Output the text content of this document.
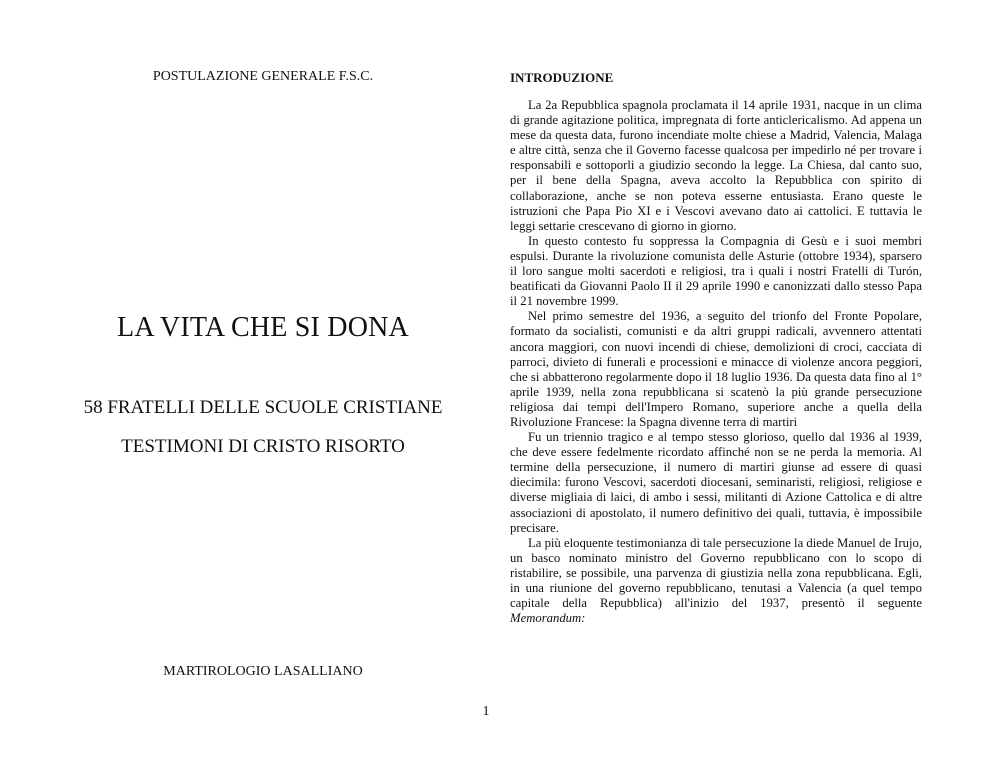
POSTULAZIONE GENERALE F.S.C.
LA VITA CHE SI DONA
58 FRATELLI DELLE SCUOLE CRISTIANE
TESTIMONI DI CRISTO RISORTO
MARTIROLOGIO LASALLIANO
INTRODUZIONE

La 2a Repubblica spagnola proclamata il 14 aprile 1931, nacque in un clima di grande agitazione politica, impregnata di forte anticlericalismo. Ad appena un mese da questa data, furono incendiate molte chiese a Madrid, Valencia, Malaga e altre città, senza che il Governo facesse qualcosa per impedirlo né per trovare i responsabili e sottoporli a giudizio secondo la legge. La Chiesa, dal canto suo, per il bene della Spagna, aveva accolto la Repubblica con spirito di collaborazione, anche se non poteva esserne entusiasta. Erano queste le istruzioni che Papa Pio XI e i Vescovi avevano dato ai cattolici. E tuttavia le leggi settarie crescevano di giorno in giorno.

In questo contesto fu soppressa la Compagnia di Gesù e i suoi membri espulsi. Durante la rivoluzione comunista delle Asturie (ottobre 1934), sparsero il loro sangue molti sacerdoti e religiosi, tra i quali i nostri Fratelli di Turón, beatificati da Giovanni Paolo II il 29 aprile 1990 e canonizzati dallo stesso Papa il 21 novembre 1999.

Nel primo semestre del 1936, a seguito del trionfo del Fronte Popolare, formato da socialisti, comunisti e da altri gruppi radicali, avvennero attentati ancora maggiori, con nuovi incendi di chiese, demolizioni di croci, cacciata di parroci, divieto di funerali e processioni e minacce di violenze ancora peggiori, che si abbatterono regolarmente dopo il 18 luglio 1936. Da questa data fino al 1° aprile 1939, nella zona repubblicana si scatenò la più grande persecuzione religiosa dai tempi dell'Impero Romano, superiore anche a quella della Rivoluzione Francese: la Spagna divenne terra di martiri

Fu un triennio tragico e al tempo stesso glorioso, quello dal 1936 al 1939, che deve essere fedelmente ricordato affinché non se ne perda la memoria. Al termine della persecuzione, il numero di martiri giunse ad essere di quasi diecimila: furono Vescovi, sacerdoti diocesani, seminaristi, religiosi, religiose e diverse migliaia di laici, di ambo i sessi, militanti di Azione Cattolica e di altre associazioni di apostolato, il numero definitivo dei quali, tuttavia, è impossibile precisare.

La più eloquente testimonianza di tale persecuzione la diede Manuel de Irujo, un basco nominato ministro del Governo repubblicano con lo scopo di ristabilire, se possibile, una parvenza di giustizia nella zona repubblicana. Egli, in una riunione del governo repubblicano, tenutasi a Valencia (a quel tempo capitale della Repubblica) all'inizio del 1937, presentò il seguente Memorandum:

1
